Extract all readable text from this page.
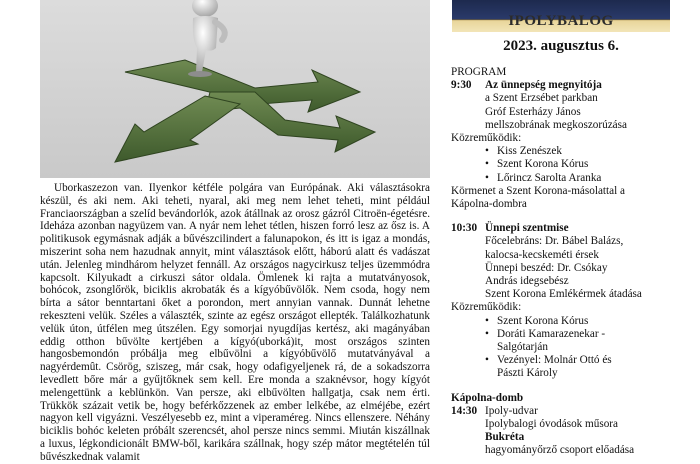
Uborkaszezon van. Ilyenkor kétféle polgára van Európának. Aki választásokra készül, és aki nem. Aki teheti, nyaral, aki meg nem lehet teheti, mint például Franciaországban a szelíd bevándorlók, azok átállnak az orosz gázról Citroën-égetésre. Ideháza azonban nagyüzem van. A nyár nem lehet tétlen, hiszen forró lesz az ősz is. A politikusok egymásnak adják a bűvészcilindert a falunapokon, és itt is igaz a mondás, miszerint soha nem hazudnak annyit, mint választások előtt, háború alatt és vadászat után. Jelenleg mindhárom helyzet fennáll. Az országos nagycirkusz teljes üzemmódra kapcsolt. Kilyukadt a cirkuszi sátor oldala. Ömlenek ki rajta a mutatványosok, bohócok, zsonglőrök, biciklis akrobaták és a kígyóbűvölők. Nem csoda, hogy nem bírta a sátor benntartani őket a porondon, mert annyian vannak. Dunnát lehetne rekeszteni velük. Széles a választék, szinte az egész országot ellepték. Találkozhatunk velük úton, útfélen meg útszélen. Egy somorjai nyugdíjas kertész, aki magányában eddig otthon bűvölte kertjében a kígyó(uborká)it, most országos szinten hangosbemondón próbálja meg elbűvölni a kígyóbűvölő mutatványával a nagyérdemût. Csörög, sziszeg, már csak, hogy odafigyeljenek rá, de a sokadszorra levedlett bőre már a gyűjtőknek sem kell. Ere monda a szaknévsor, hogy kígyót melengettünk a keblünkön. Van persze, aki elbűvölten hallgatja, csak nem érti. Trükkök százait vetik be, hogy beférkőzzenek az ember lelkébe, az elméjébe, ezért nagyon kell vigyázni. Veszélyesebb ez, mint a viperaméreg. Nincs ellenszere. Néhány biciklis bohóc keleten próbált szerencsét, ahol persze nincs semmi. Miután kiszállnak a luxus, légkondicionált BMW-ből, karikára szállnak, hogy szép mátor megtételén túl bűvészkednak valamit

IPOLYBALOG
2023. augusztus 6.
PROGRAM
9:30	Az ünnepség megnyitója
a Szent Erzsébet parkban
Gróf Esterházy János
mellszobrának megkoszorúzása
Közreműködik:
• Kiss Zenészek
• Szent Korona Kórus
• Lőrincz Sarolta Aranka
Körmenet a Szent Korona-másolattal a
Kápolna-dombra
10:30 Ünnepi szentmise
Főcelebráns: Dr. Bábel Balázs,
kalocsa-kecskeméti érsek
Ünnepi beszéd: Dr. Csókay
András idegsebész
Szent Korona Emlékérmek átadása
Közreműködik:
• Szent Korona Kórus
• Doráti Kamarazenekar -
Salgótarján
• Vezényel: Molnár Ottó és
Pászti Károly
Kápolna-domb
14:30 Ipoly-udvar
Ipolybalogi óvodások műsora
Bukréta
hagyományőrző csoport előadása
